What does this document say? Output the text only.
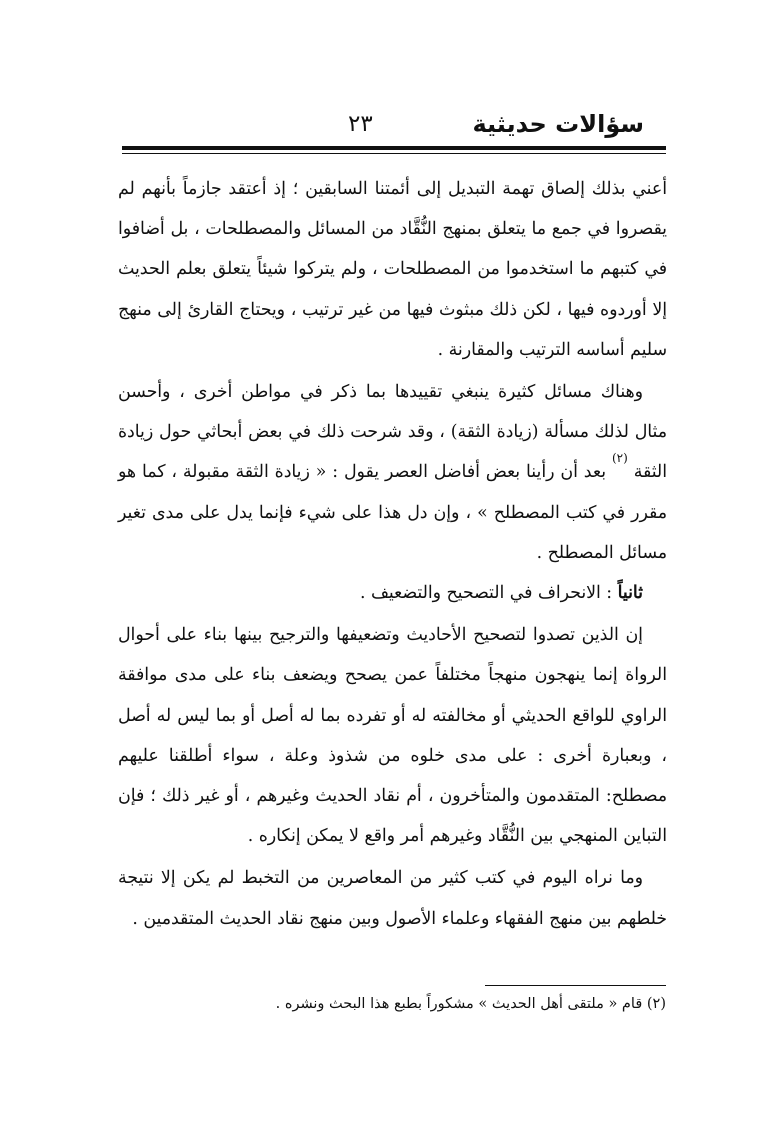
سؤالات حديثية
٢٣

أعني بذلك إلصاق تهمة التبديل إلى أئمتنا السابقين ؛ إذ أعتقد جازماً بأنهم لم يقصروا في جمع ما يتعلق بمنهج النُّقَّاد من المسائل والمصطلحات ، بل أضافوا في كتبهم ما استخدموا من المصطلحات ، ولم يتركوا شيئاً يتعلق بعلم الحديث إلا أوردوه فيها ، لكن ذلك مبثوث فيها من غير ترتيب ، ويحتاج القارئ إلى منهج سليم أساسه الترتيب والمقارنة .

وهناك مسائل كثيرة ينبغي تقييدها بما ذكر في مواطن أخرى ، وأحسن مثال لذلك مسألة (زيادة الثقة) ، وقد شرحت ذلك في بعض أبحاثي حول زيادة الثقة $^{(٢)}$ بعد أن رأينا بعض أفاضل العصر يقول : « زيادة الثقة مقبولة ، كما هو مقرر في كتب المصطلح » ، وإن دل هذا على شيء فإنما يدل على مدى تغير مسائل المصطلح .

ثانياً : الانحراف في التصحيح والتضعيف .

إن الذين تصدوا لتصحيح الأحاديث وتضعيفها والترجيح بينها بناء على أحوال الرواة إنما ينهجون منهجاً مختلفاً عمن يصحح ويضعف بناء على مدى موافقة الراوي للواقع الحديثي أو مخالفته له أو تفرده بما له أصل أو بما ليس له أصل ، وبعبارة أخرى : على مدى خلوه من شذوذ وعلة ، سواء أطلقنا عليهم مصطلح: المتقدمون والمتأخرون ، أم نقاد الحديث وغيرهم ، أو غير ذلك ؛ فإن التباين المنهجي بين النُّقَّاد وغيرهم أمر واقع لا يمكن إنكاره .

وما نراه اليوم في كتب كثير من المعاصرين من التخبط لم يكن إلا نتيجة خلطهم بين منهج الفقهاء وعلماء الأصول وبين منهج نقاد الحديث المتقدمين .

(٢) قام « ملتقى أهل الحديث » مشكوراً بطبع هذا البحث ونشره .
